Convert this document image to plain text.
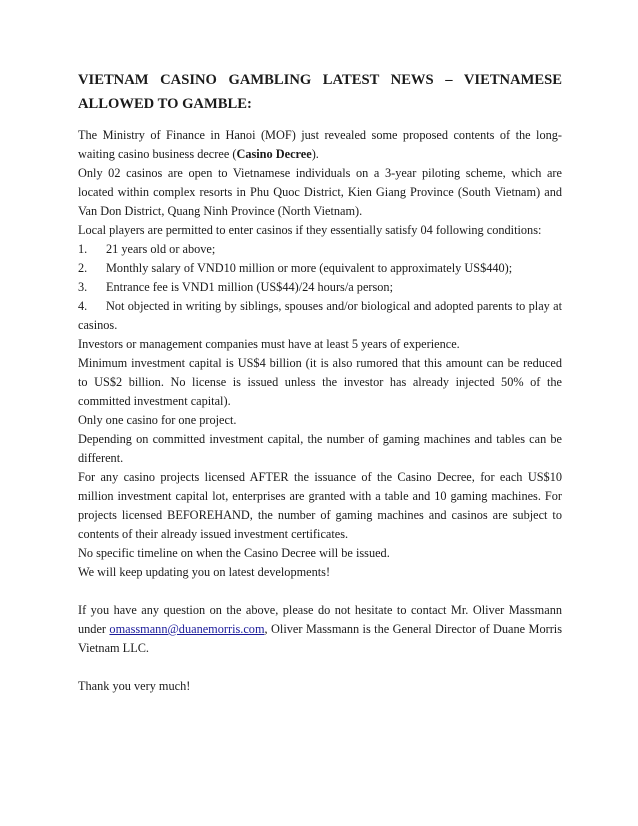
VIETNAM CASINO GAMBLING LATEST NEWS – VIETNAMESE ALLOWED TO GAMBLE:

The Ministry of Finance in Hanoi (MOF) just revealed some proposed contents of the long-waiting casino business decree (Casino Decree).

Only 02 casinos are open to Vietnamese individuals on a 3-year piloting scheme, which are located within complex resorts in Phu Quoc District, Kien Giang Province (South Vietnam) and Van Don District, Quang Ninh Province (North Vietnam).

Local players are permitted to enter casinos if they essentially satisfy 04 following conditions:

1.	21 years old or above;
2.	Monthly salary of VND10 million or more (equivalent to approximately US$440);
3.	Entrance fee is VND1 million (US$44)/24 hours/a person;

4. Not objected in writing by siblings, spouses and/or biological and adopted parents to play at casinos.

Investors or management companies must have at least 5 years of experience.

Minimum investment capital is US$4 billion (it is also rumored that this amount can be reduced to US$2 billion. No license is issued unless the investor has already injected 50% of the committed investment capital).

Only one casino for one project.

Depending on committed investment capital, the number of gaming machines and tables can be different.

For any casino projects licensed AFTER the issuance of the Casino Decree, for each US$10 million investment capital lot, enterprises are granted with a table and 10 gaming machines. For projects licensed BEFOREHAND, the number of gaming machines and casinos are subject to contents of their already issued investment certificates.

No specific timeline on when the Casino Decree will be issued.

We will keep updating you on latest developments!

If you have any question on the above, please do not hesitate to contact Mr. Oliver Massmann under omassmann@duanemorris.com, Oliver Massmann is the General Director of Duane Morris Vietnam LLC.

Thank you very much!
